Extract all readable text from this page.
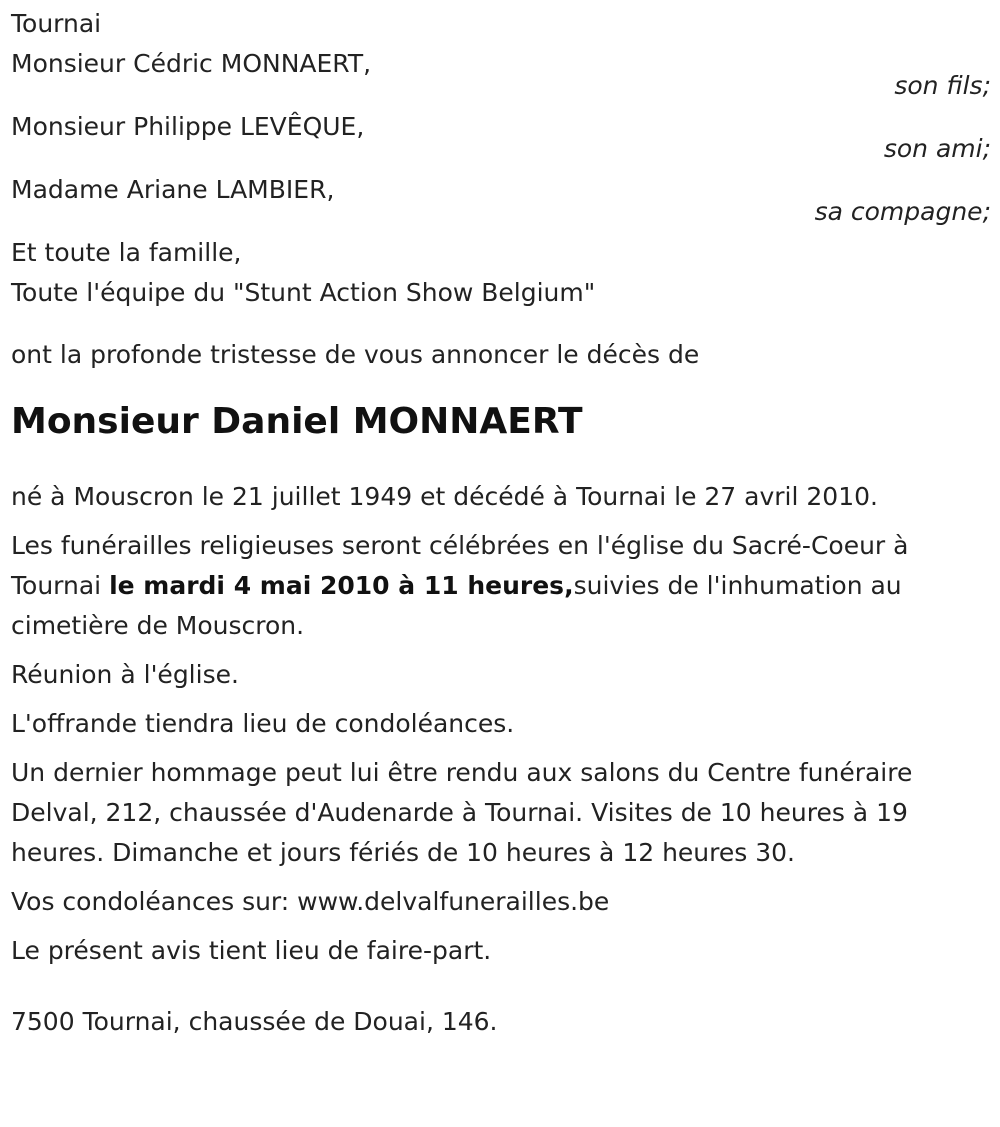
Tournai
Monsieur Cédric MONNAERT,
son fils;
Monsieur Philippe LEVÊQUE,
son ami;
Madame Ariane LAMBIER,
sa compagne;
Et toute la famille,
Toute l'équipe du "Stunt Action Show Belgium"
ont la profonde tristesse de vous annoncer le décès de
Monsieur Daniel MONNAERT
né à Mouscron le 21 juillet 1949 et décédé à Tournai le 27 avril 2010.
Les funérailles religieuses seront célébrées en l'église du Sacré-Coeur à
Tournai le mardi 4 mai 2010 à 11 heures,suivies de l'inhumation au
cimetière de Mouscron.
Réunion à l'église.
L'offrande tiendra lieu de condoléances.
Un dernier hommage peut lui être rendu aux salons du Centre funéraire
Delval, 212, chaussée d'Audenarde à Tournai. Visites de 10 heures à 19
heures. Dimanche et jours fériés de 10 heures à 12 heures 30.
Vos condoléances sur: www.delvalfunerailles.be
Le présent avis tient lieu de faire-part.
7500 Tournai, chaussée de Douai, 146.
